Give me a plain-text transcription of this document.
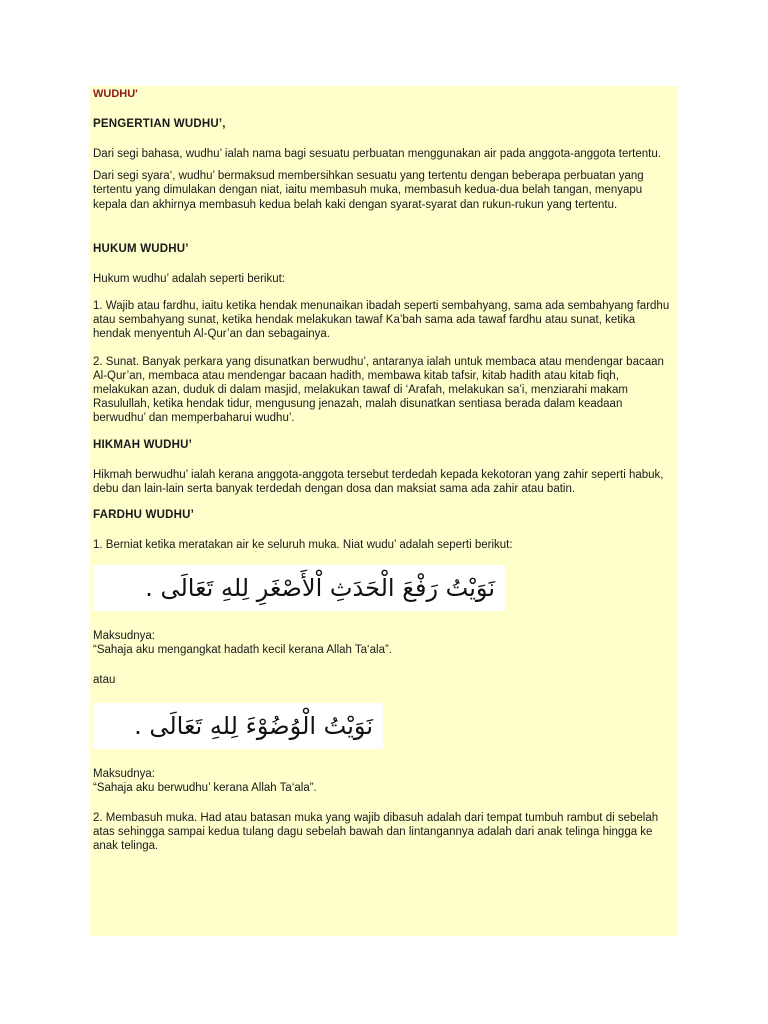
WUDHU'
PENGERTIAN WUDHU’,
Dari segi bahasa, wudhu’ ialah nama bagi sesuatu perbuatan menggunakan air pada anggota-anggota tertentu.
Dari segi syara‘, wudhu’ bermaksud membersihkan sesuatu yang tertentu dengan beberapa perbuatan yang tertentu yang dimulakan dengan niat, iaitu membasuh muka, membasuh kedua-dua belah tangan, menyapu kepala dan akhirnya membasuh kedua belah kaki dengan syarat-syarat dan rukun-rukun yang tertentu.
HUKUM WUDHU’
Hukum wudhu’ adalah seperti berikut:
1. Wajib atau fardhu, iaitu ketika hendak menunaikan ibadah seperti sembahyang, sama ada sembahyang fardhu atau sembahyang sunat, ketika hendak melakukan tawaf Ka’bah sama ada tawaf fardhu atau sunat, ketika hendak menyentuh Al-Qur’an dan sebagainya.
2. Sunat. Banyak perkara yang disunatkan berwudhu’, antaranya ialah untuk membaca atau mendengar bacaan Al-Qur’an, membaca atau mendengar bacaan hadith, membawa kitab tafsir, kitab hadith atau kitab fiqh, melakukan azan, duduk di dalam masjid, melakukan tawaf di ‘Arafah, melakukan sa’i, menziarahi makam Rasulullah, ketika hendak tidur, mengusung jenazah, malah disunatkan sentiasa berada dalam keadaan berwudhu’ dan memperbaharui wudhu’.
HIKMAH WUDHU’
Hikmah berwudhu’ ialah kerana anggota-anggota tersebut terdedah kepada kekotoran yang zahir seperti habuk, debu dan lain-lain serta banyak terdedah dengan dosa dan maksiat sama ada zahir atau batin.
FARDHU WUDHU’
1. Berniat ketika meratakan air ke seluruh muka. Niat wudu’ adalah seperti berikut:
نَوَيْتُ رَفْعَ الْحَدَثِ اْلأَصْغَرِ لِلهِ تَعَالَى .
Maksudnya:
“Sahaja aku mengangkat hadath kecil kerana Allah Ta‘ala”.
atau
نَوَيْتُ الْوُضُوْءَ لِلهِ تَعَالَى .
Maksudnya:
“Sahaja aku berwudhu’ kerana Allah Ta‘ala”.
2. Membasuh muka. Had atau batasan muka yang wajib dibasuh adalah dari tempat tumbuh rambut di sebelah atas sehingga sampai kedua tulang dagu sebelah bawah dan lintangannya adalah dari anak telinga hingga ke anak telinga.
